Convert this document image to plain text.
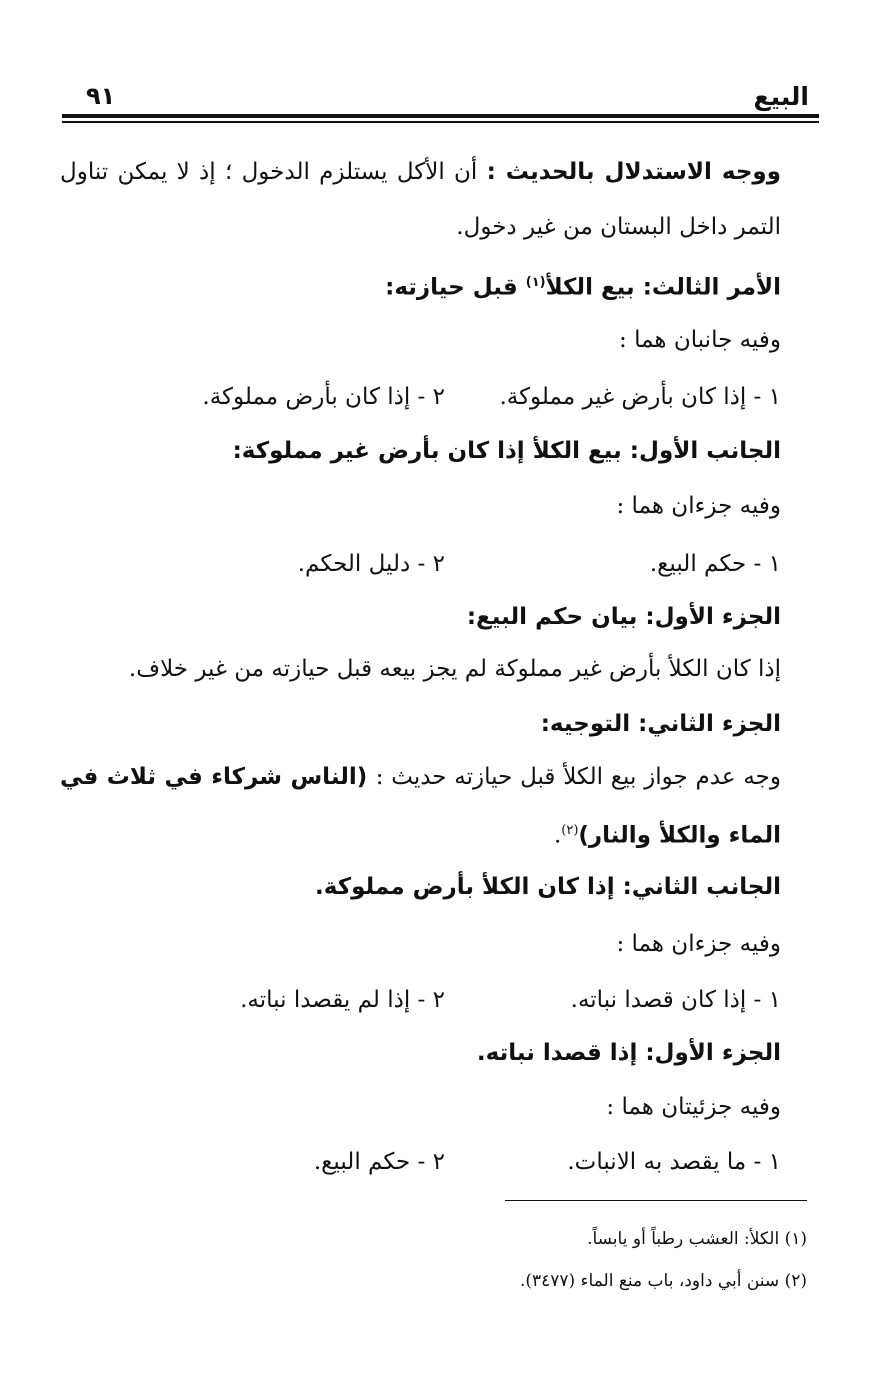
البيع
٩١
ووجه الاستدلال بالحديث : أن الأكل يستلزم الدخول ؛ إذ لا يمكن تناول
التمر داخل البستان من غير دخول.
الأمر الثالث: بيع الكلأ$^{(١)}$ قبل حيازته:
وفيه جانبان هما :
١ - إذا كان بأرض غير مملوكة.
٢ - إذا كان بأرض مملوكة.
الجانب الأول: بيع الكلأ إذا كان بأرض غير مملوكة:
وفيه جزءان هما :
١ - حكم البيع.
٢ - دليل الحكم.
الجزء الأول: بيان حكم البيع:
إذا كان الكلأ بأرض غير مملوكة لم يجز بيعه قبل حيازته من غير خلاف.
الجزء الثاني: التوجيه:
وجه عدم جواز بيع الكلأ قبل حيازته حديث : (الناس شركاء في ثلاث في
الماء والكلأ والنار)$^{(٢)}$.
الجانب الثاني: إذا كان الكلأ بأرض مملوكة.
وفيه جزءان هما :
١ - إذا كان قصدا نباته.
٢ - إذا لم يقصدا نباته.
الجزء الأول: إذا قصدا نباته.
وفيه جزئيتان هما :
١ - ما يقصد به الانبات.
٢ - حكم البيع.
(١) الكلأ: العشب رطباً أو يابساً.
(٢) سنن أبي داود، باب منع الماء (٣٤٧٧).
